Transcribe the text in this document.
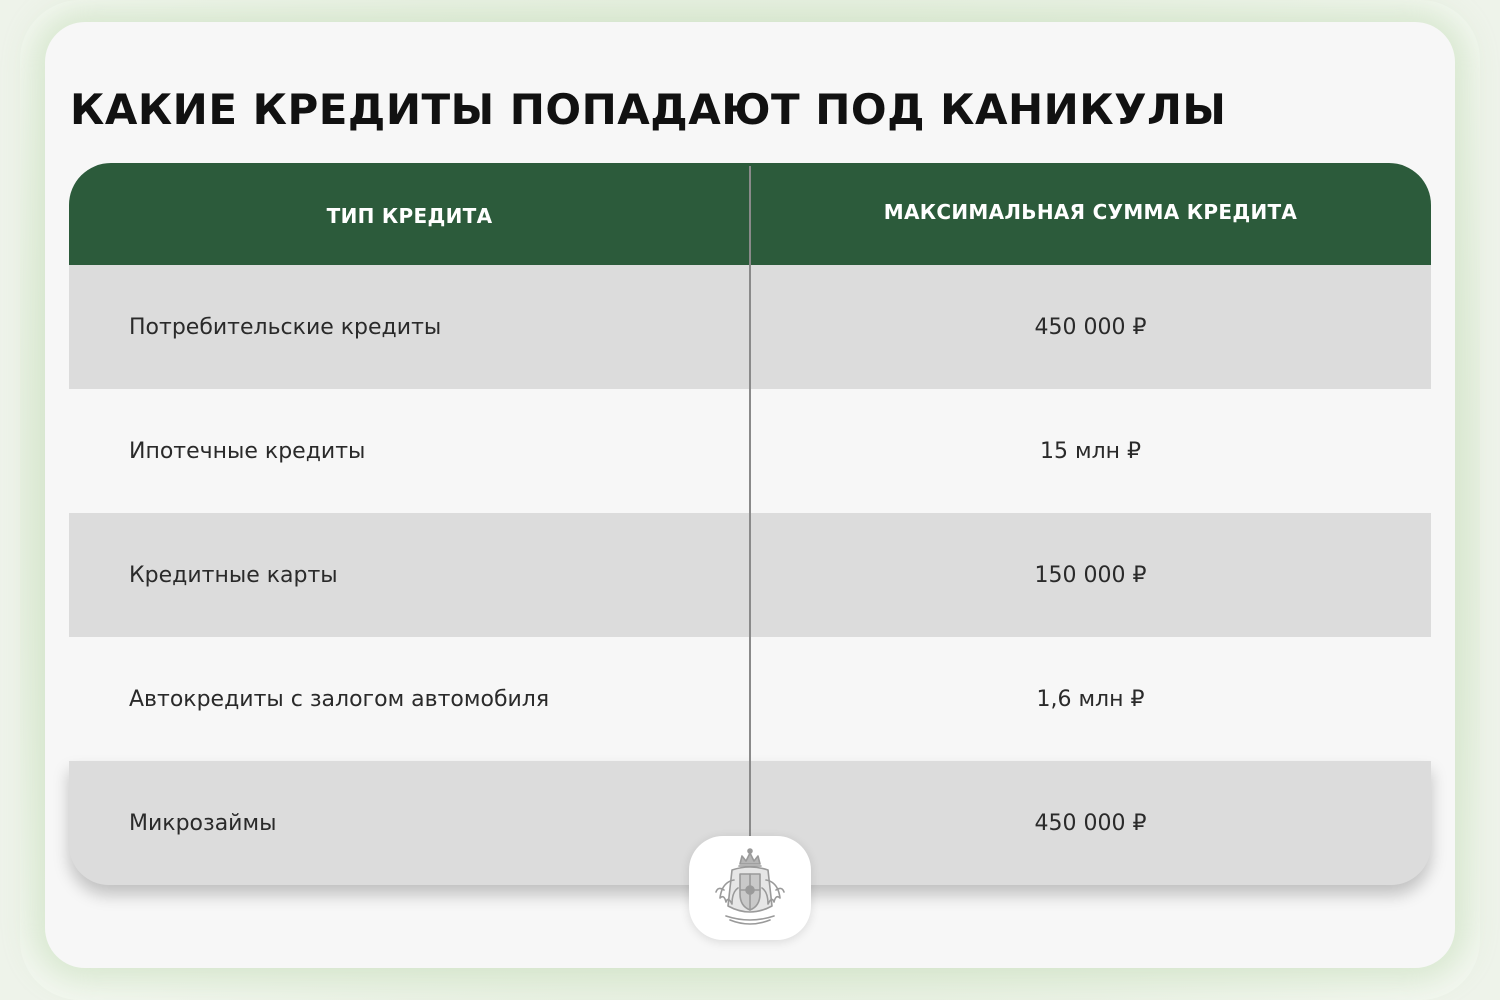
КАКИЕ КРЕДИТЫ ПОПАДАЮТ ПОД КАНИКУЛЫ
ТИП КРЕДИТА	МАКСИМАЛЬНАЯ СУММА КРЕДИТА
Потребительские кредиты	450 000 ₽
Ипотечные кредиты	15 млн ₽
Кредитные карты	150 000 ₽
Автокредиты с залогом автомобиля	1,6 млн ₽
Микрозаймы	450 000 ₽
